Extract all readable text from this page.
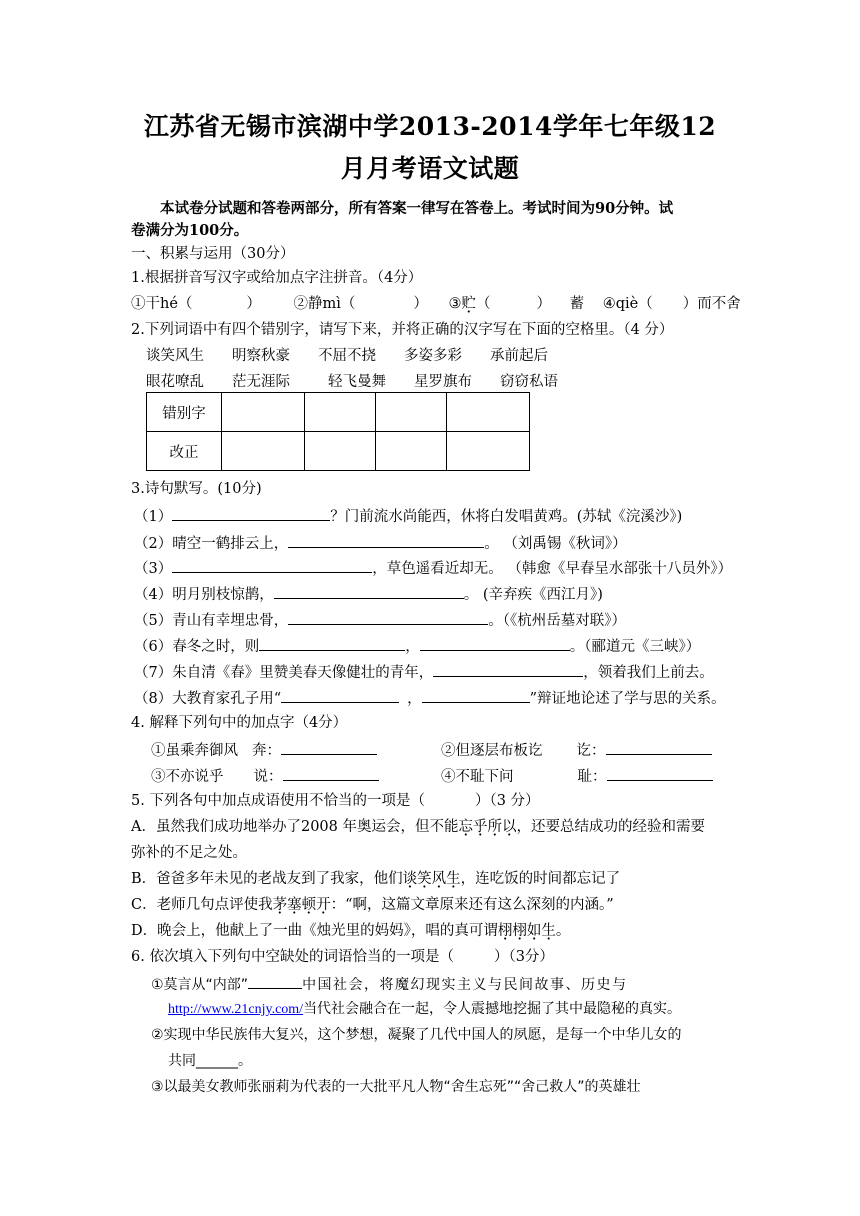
江苏省无锡市滨湖中学2013-2014学年七年级12
月月考语文试题
本试卷分试题和答卷两部分，所有答案一律写在答卷上。考试时间为90分钟。试
卷满分为100分。
一、积累与运用（30分）
1.根据拼音写汉字或给加点字注拼音。（4分）
①干hé（	） ②静mì（	） ③贮（	） 蓄 ④qiè（ ）而不舍
2.下列词语中有四个错别字，请写下来，并将正确的汉字写在下面的空格里。（4 分）
谈笑风生 明察秋豪 不屈不挠 多姿多彩 承前起后
眼花嘹乱 茫无涯际	轻飞曼舞 星罗旗布 窃窃私语
错别字				
改正				
3.诗句默写。(10分)
（1）	？门前流水尚能西，休将白发唱黄鸡。(苏轼《浣溪沙》)
（2）晴空一鹤排云上，	。 （刘禹锡《秋词》）
（3）	，草色遥看近却无。 （韩愈《早春呈水部张十八员外》）
（4）明月别枝惊鹊，	。 (辛弃疾《西江月》)
（5）青山有幸埋忠骨，	。（《杭州岳墓对联》）
（6）春冬之时，则	，	。（郦道元《三峡》）
（7）朱自清《春》里赞美春天像健壮的青年，	，领着我们上前去。
（8）大教育家孔子用“	，	”辩证地论述了学与思的关系。
4. 解释下列句中的加点字（4分）
①虽乘奔御风 奔：	②但逐层布板讫 讫：
③不亦说乎 说：	④不耻下问	耻：
5. 下列各句中加点成语使用不恰当的一项是（	）（3 分）
A．虽然我们成功地举办了2008 年奥运会，但不能忘乎所以，还要总结成功的经验和需要
弥补的不足之处。
B．爸爸多年未见的老战友到了我家，他们谈笑风生，连吃饭的时间都忘记了
C．老师几句点评使我茅塞顿开：“啊，这篇文章原来还有这么深刻的内涵。”
D．晚会上，他献上了一曲《烛光里的妈妈》，唱的真可谓栩栩如生。
6. 依次填入下列句中空缺处的词语恰当的一项是（	）（3分）
①莫言从“内部”	中国社会，将魔幻现实主义与民间故事、历史与
http://www.21cnjy.com/当代社会融合在一起，令人震撼地挖掘了其中最隐秘的真实。
②实现中华民族伟大复兴，这个梦想，凝聚了几代中国人的夙愿，是每一个中华儿女的
共同______。
③以最美女教师张丽莉为代表的一大批平凡人物“舍生忘死”“舍己救人”的英雄壮
